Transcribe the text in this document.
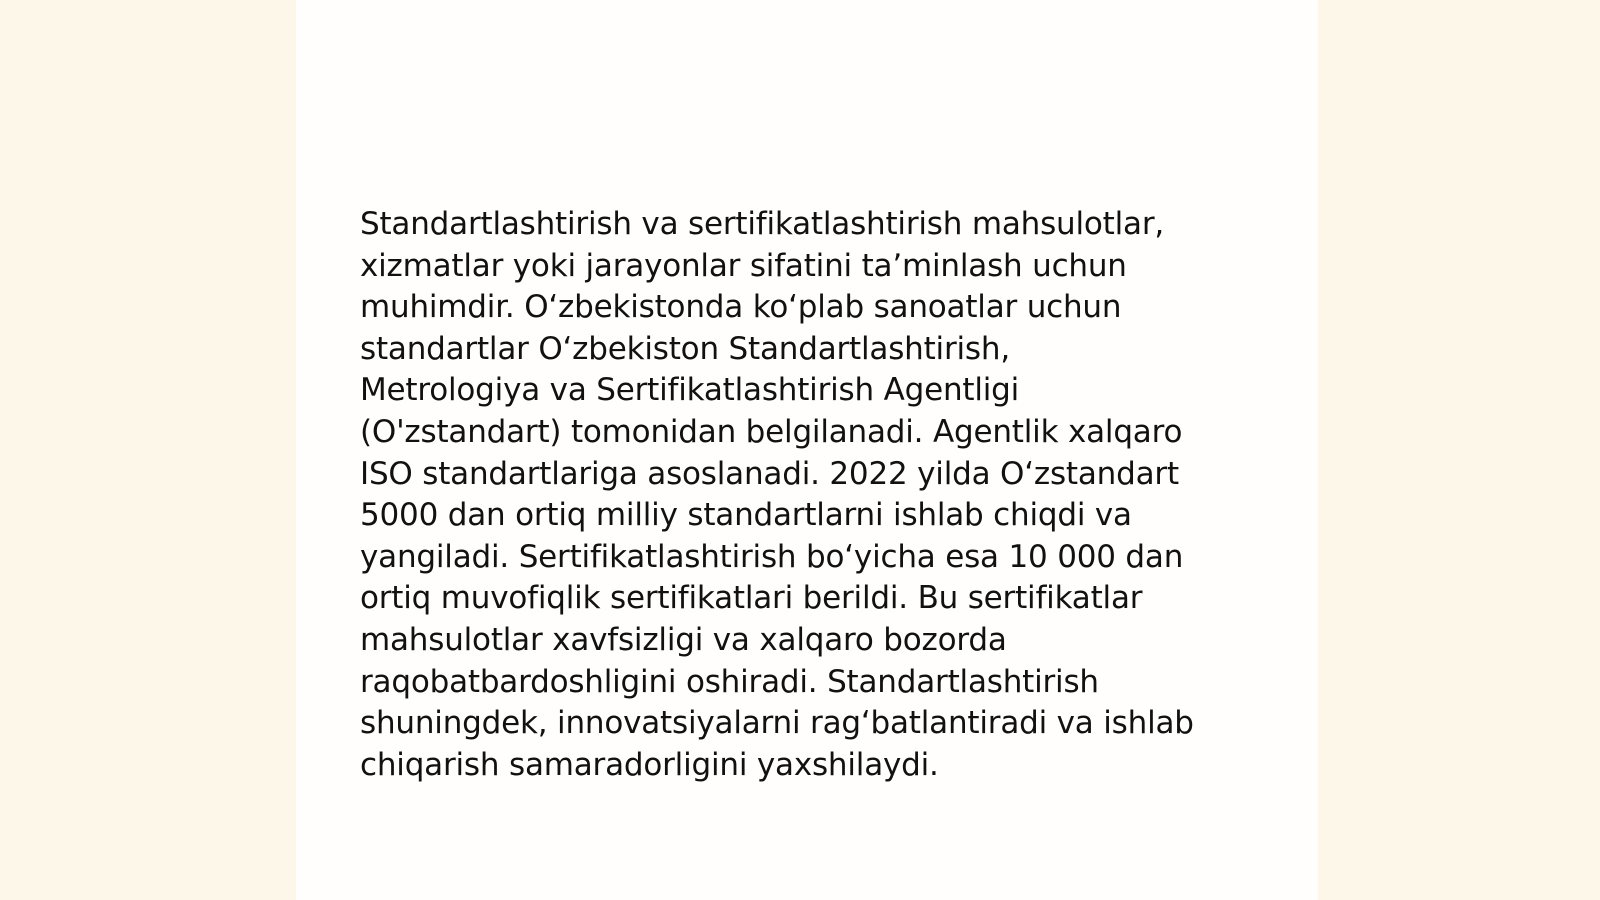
Standartlashtirish va sertifikatlashtirish mahsulotlar,
xizmatlar yoki jarayonlar sifatini ta’minlash uchun
muhimdir. O‘zbekistonda ko‘plab sanoatlar uchun
standartlar O‘zbekiston Standartlashtirish,
Metrologiya va Sertifikatlashtirish Agentligi
(O'zstandart) tomonidan belgilanadi. Agentlik xalqaro
ISO standartlariga asoslanadi. 2022 yilda O‘zstandart
5000 dan ortiq milliy standartlarni ishlab chiqdi va
yangiladi. Sertifikatlashtirish bo‘yicha esa 10 000 dan
ortiq muvofiqlik sertifikatlari berildi. Bu sertifikatlar
mahsulotlar xavfsizligi va xalqaro bozorda
raqobatbardoshligini oshiradi. Standartlashtirish
shuningdek, innovatsiyalarni rag‘batlantiradi va ishlab
chiqarish samaradorligini yaxshilaydi.
